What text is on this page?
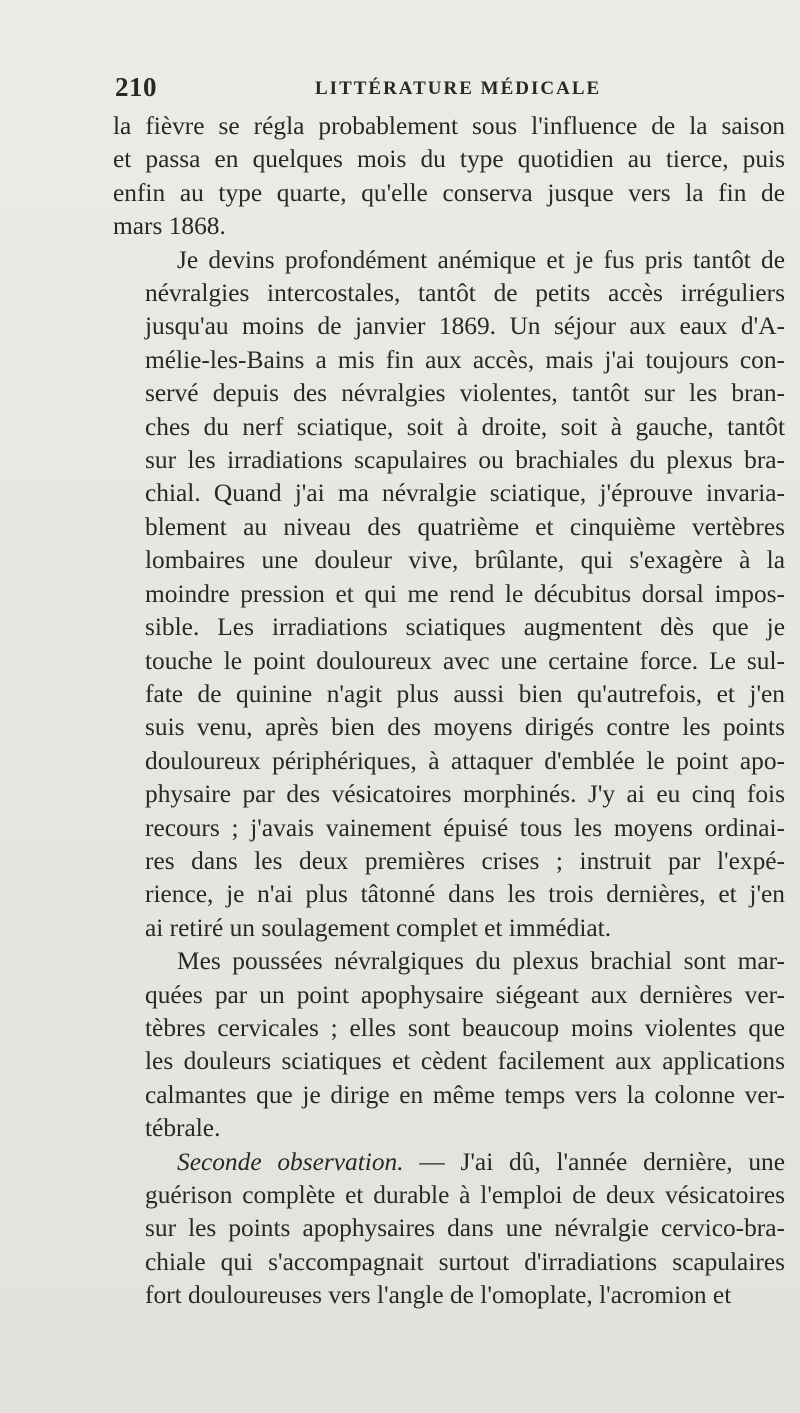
210	LITTÉRATURE MÉDICALE
la fièvre se régla probablement sous l'influence de la saison
et passa en quelques mois du type quotidien au tierce, puis
enfin au type quarte, qu'elle conserva jusque vers la fin de
mars 1868.
Je devins profondément anémique et je fus pris tantôt de
névralgies intercostales, tantôt de petits accès irréguliers
jusqu'au moins de janvier 1869. Un séjour aux eaux d'A-
mélie-les-Bains a mis fin aux accès, mais j'ai toujours con-
servé depuis des névralgies violentes, tantôt sur les bran-
ches du nerf sciatique, soit à droite, soit à gauche, tantôt
sur les irradiations scapulaires ou brachiales du plexus bra-
chial. Quand j'ai ma névralgie sciatique, j'éprouve invaria-
blement au niveau des quatrième et cinquième vertèbres
lombaires une douleur vive, brûlante, qui s'exagère à la
moindre pression et qui me rend le décubitus dorsal impos-
sible. Les irradiations sciatiques augmentent dès que je
touche le point douloureux avec une certaine force. Le sul-
fate de quinine n'agit plus aussi bien qu'autrefois, et j'en
suis venu, après bien des moyens dirigés contre les points
douloureux périphériques, à attaquer d'emblée le point apo-
physaire par des vésicatoires morphinés. J'y ai eu cinq fois
recours ; j'avais vainement épuisé tous les moyens ordinai-
res dans les deux premières crises ; instruit par l'expé-
rience, je n'ai plus tâtonné dans les trois dernières, et j'en
ai retiré un soulagement complet et immédiat.
Mes poussées névralgiques du plexus brachial sont mar-
quées par un point apophysaire siégeant aux dernières ver-
tèbres cervicales ; elles sont beaucoup moins violentes que
les douleurs sciatiques et cèdent facilement aux applications
calmantes que je dirige en même temps vers la colonne ver-
tébrale.
Seconde observation. — J'ai dû, l'année dernière, une
guérison complète et durable à l'emploi de deux vésicatoires
sur les points apophysaires dans une névralgie cervico-bra-
chiale qui s'accompagnait surtout d'irradiations scapulaires
fort douloureuses vers l'angle de l'omoplate, l'acromion et
